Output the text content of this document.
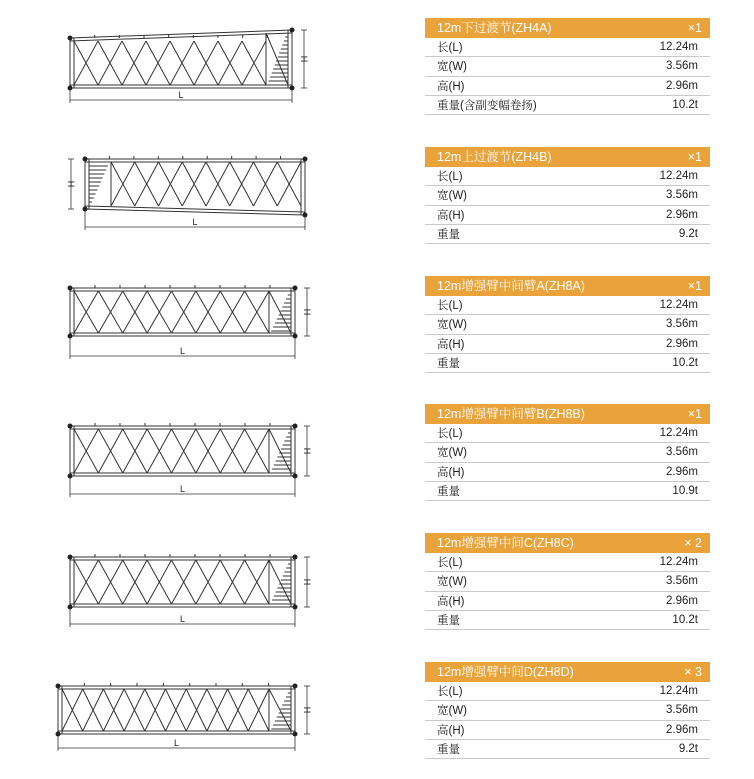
L
H
12m下过渡节(ZH4A)	×1
长(L)	12.24m
宽(W)	3.56m
高(H)	2.96m
重量(含副变幅卷扬)	10.2t
L
H
12m上过渡节(ZH4B)	×1
长(L)	12.24m
宽(W)	3.56m
高(H)	2.96m
重量	9.2t
L
H
12m增强臂中间臂A(ZH8A)	×1
长(L)	12.24m
宽(W)	3.56m
高(H)	2.96m
重量	10.2t
L
H
12m增强臂中间臂B(ZH8B)	×1
长(L)	12.24m
宽(W)	3.56m
高(H)	2.96m
重量	10.9t
L
H
12m增强臂中间C(ZH8C)	× 2
长(L)	12.24m
宽(W)	3.56m
高(H)	2.96m
重量	10.2t
L
H
12m增强臂中间D(ZH8D)	× 3
长(L)	12.24m
宽(W)	3.56m
高(H)	2.96m
重量	9.2t
